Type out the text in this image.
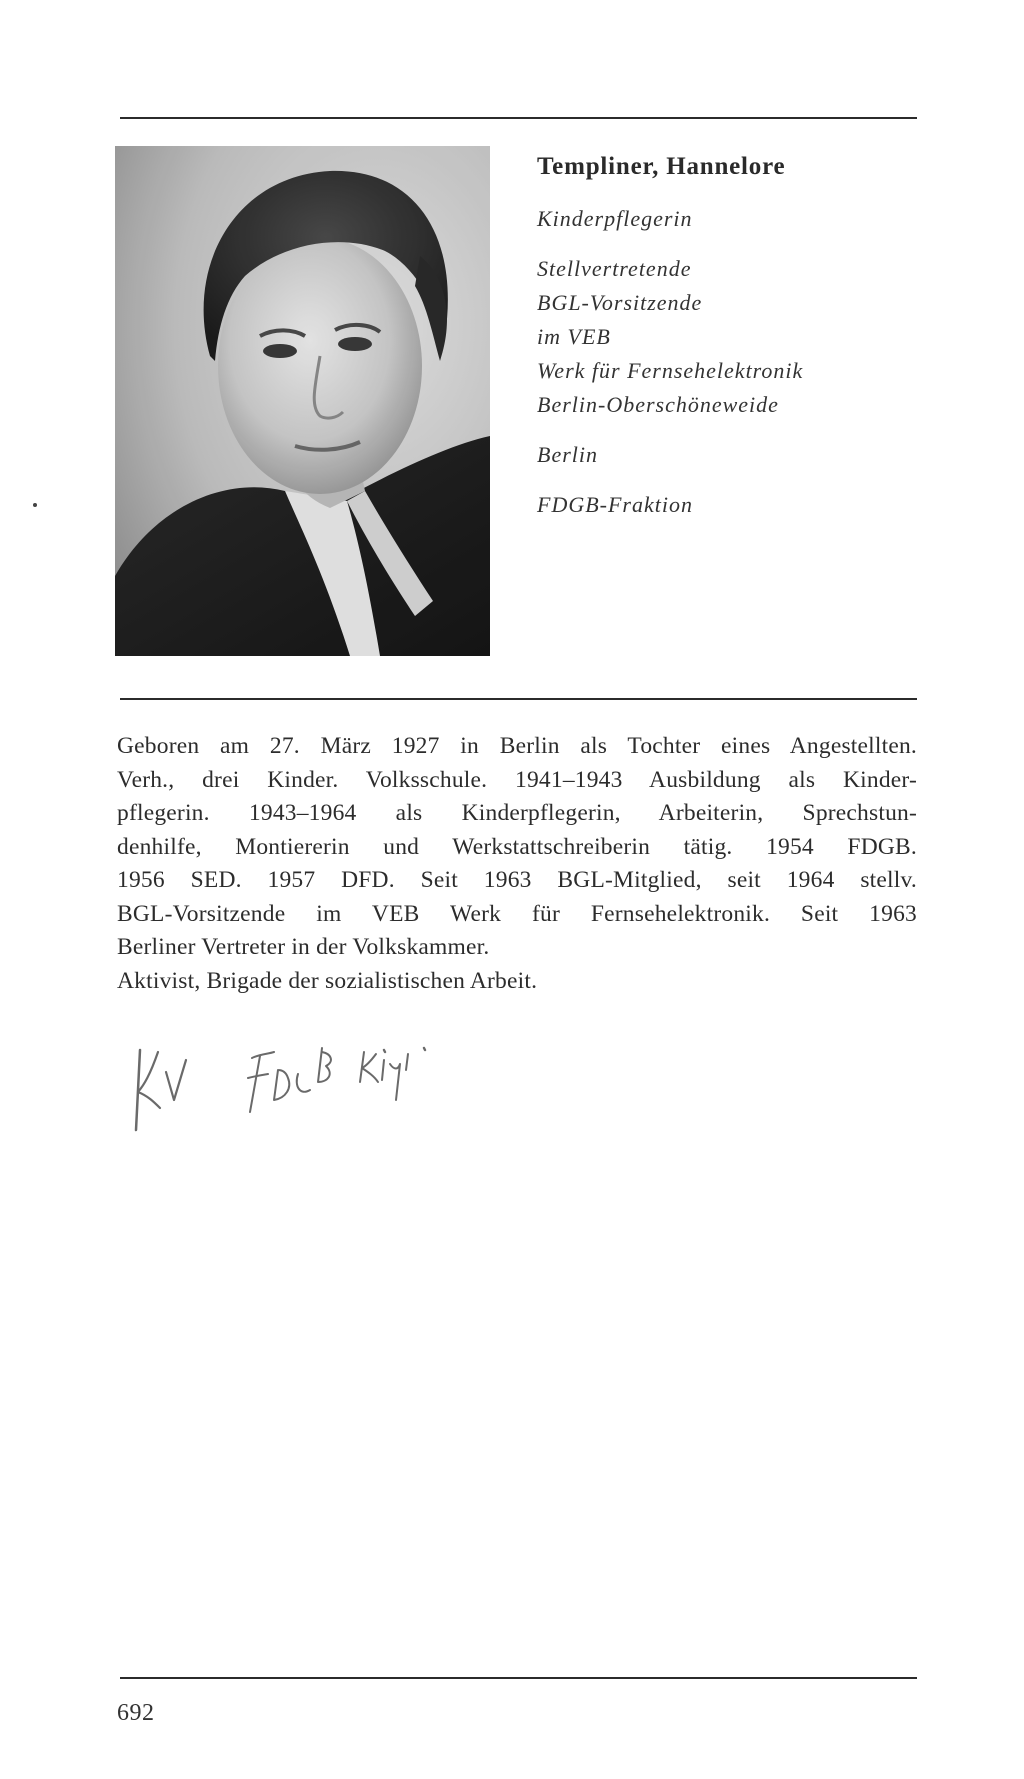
Templiner, Hannelore
Kinderpflegerin
Stellvertretende
BGL-Vorsitzende
im VEB
Werk für Fernsehelektronik
Berlin-Oberschöneweide
Berlin
FDGB-Fraktion
Geboren am 27. März 1927 in Berlin als Tochter eines Angestellten.
Verh., drei Kinder. Volksschule. 1941–1943 Ausbildung als Kinder-
pflegerin. 1943–1964 als Kinderpflegerin, Arbeiterin, Sprechstun-
denhilfe, Montiererin und Werkstattschreiberin tätig. 1954 FDGB.
1956 SED. 1957 DFD. Seit 1963 BGL-Mitglied, seit 1964 stellv.
BGL-Vorsitzende im VEB Werk für Fernsehelektronik. Seit 1963
Berliner Vertreter in der Volkskammer.
Aktivist, Brigade der sozialistischen Arbeit.
692
